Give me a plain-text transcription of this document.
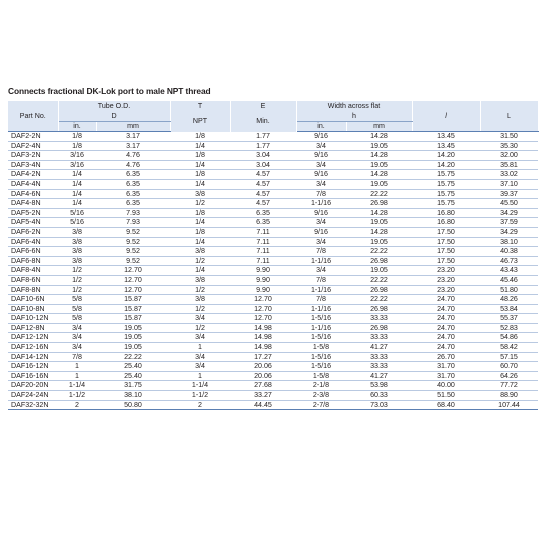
Connects fractional DK-Lok port to male NPT thread
Part No.	Tube O.D.		T	E	Width across flat		l	L
	D		NPT	Min.	h			
	in.	mm			in.	mm		
DAF2-2N	1/8	3.17	1/8	1.77	9/16	14.28	13.45	31.50
DAF2-4N	1/8	3.17	1/4	1.77	3/4	19.05	13.45	35.30
DAF3-2N	3/16	4.76	1/8	3.04	9/16	14.28	14.20	32.00
DAF3-4N	3/16	4.76	1/4	3.04	3/4	19.05	14.20	35.81
DAF4-2N	1/4	6.35	1/8	4.57	9/16	14.28	15.75	33.02
DAF4-4N	1/4	6.35	1/4	4.57	3/4	19.05	15.75	37.10
DAF4-6N	1/4	6.35	3/8	4.57	7/8	22.22	15.75	39.37
DAF4-8N	1/4	6.35	1/2	4.57	1-1/16	26.98	15.75	45.50
DAF5-2N	5/16	7.93	1/8	6.35	9/16	14.28	16.80	34.29
DAF5-4N	5/16	7.93	1/4	6.35	3/4	19.05	16.80	37.59
DAF6-2N	3/8	9.52	1/8	7.11	9/16	14.28	17.50	34.29
DAF6-4N	3/8	9.52	1/4	7.11	3/4	19.05	17.50	38.10
DAF6-6N	3/8	9.52	3/8	7.11	7/8	22.22	17.50	40.38
DAF6-8N	3/8	9.52	1/2	7.11	1-1/16	26.98	17.50	46.73
DAF8-4N	1/2	12.70	1/4	9.90	3/4	19.05	23.20	43.43
DAF8-6N	1/2	12.70	3/8	9.90	7/8	22.22	23.20	45.46
DAF8-8N	1/2	12.70	1/2	9.90	1-1/16	26.98	23.20	51.80
DAF10-6N	5/8	15.87	3/8	12.70	7/8	22.22	24.70	48.26
DAF10-8N	5/8	15.87	1/2	12.70	1-1/16	26.98	24.70	53.84
DAF10-12N	5/8	15.87	3/4	12.70	1-5/16	33.33	24.70	55.37
DAF12-8N	3/4	19.05	1/2	14.98	1-1/16	26.98	24.70	52.83
DAF12-12N	3/4	19.05	3/4	14.98	1-5/16	33.33	24.70	54.86
DAF12-16N	3/4	19.05	1	14.98	1-5/8	41.27	24.70	58.42
DAF14-12N	7/8	22.22	3/4	17.27	1-5/16	33.33	26.70	57.15
DAF16-12N	1	25.40	3/4	20.06	1-5/16	33.33	31.70	60.70
DAF16-16N	1	25.40	1	20.06	1-5/8	41.27	31.70	64.26
DAF20-20N	1-1/4	31.75	1-1/4	27.68	2-1/8	53.98	40.00	77.72
DAF24-24N	1-1/2	38.10	1-1/2	33.27	2-3/8	60.33	51.50	88.90
DAF32-32N	2	50.80	2	44.45	2-7/8	73.03	68.40	107.44
